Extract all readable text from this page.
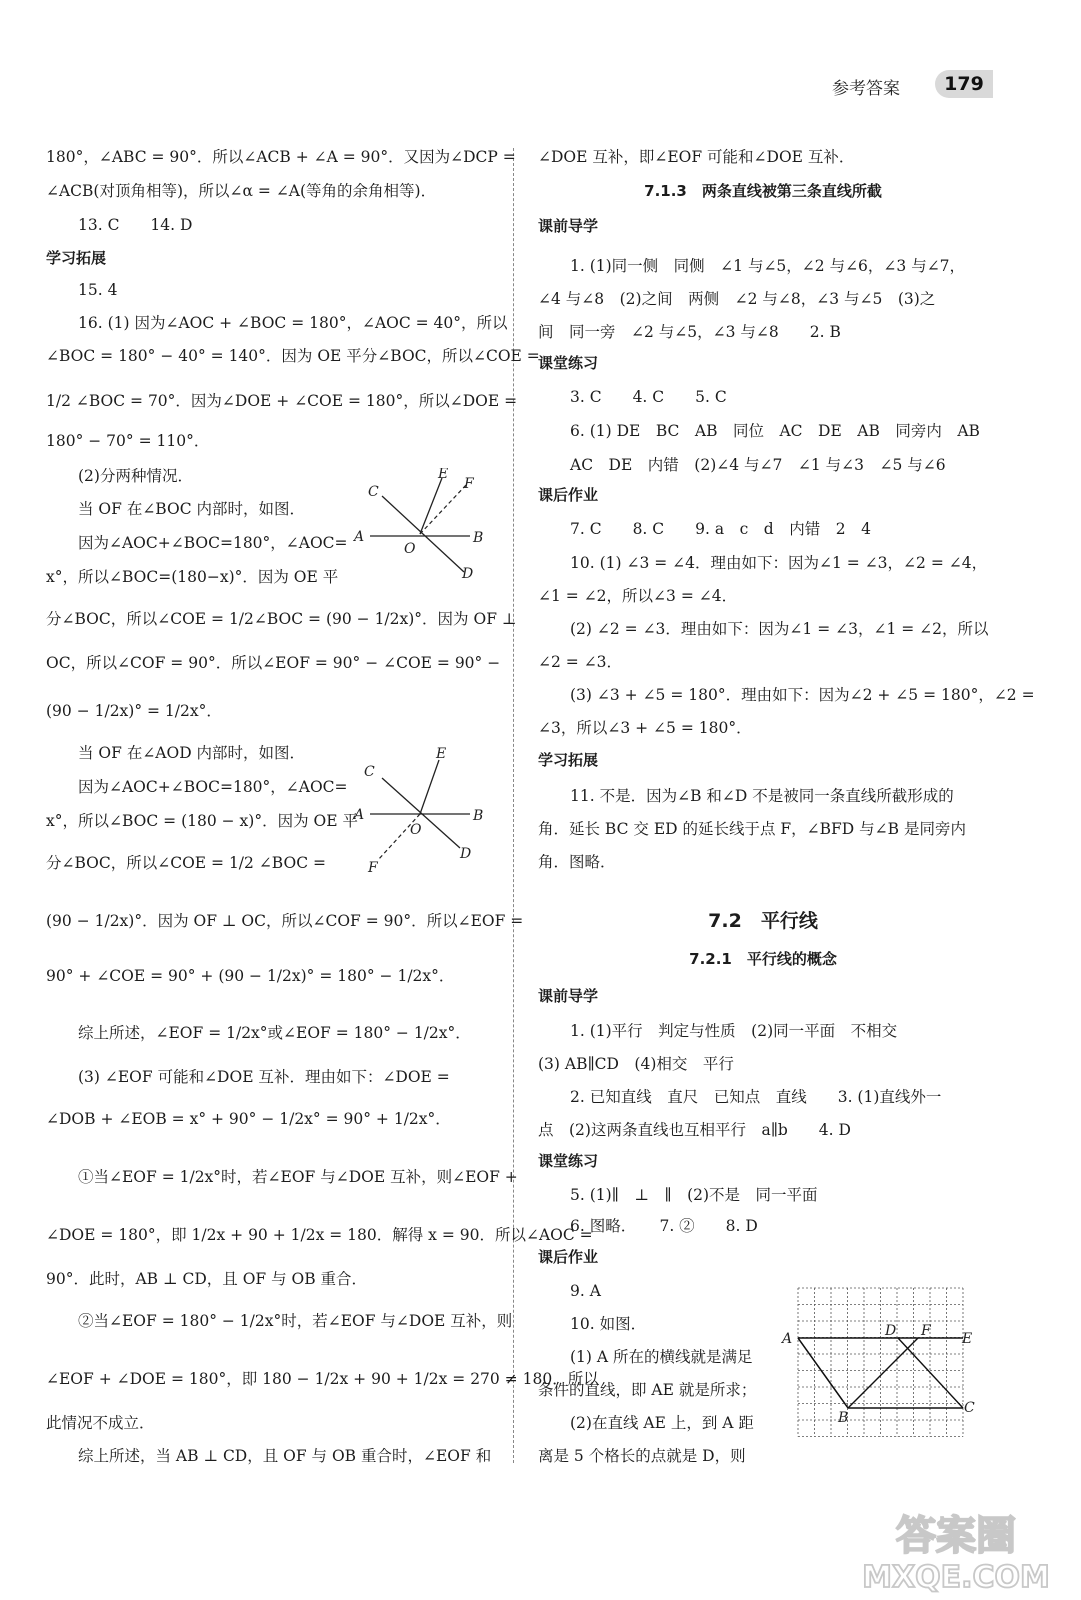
参考答案	179
180°，∠ABC = 90°．所以∠ACB + ∠A = 90°．又因为∠DCP =
∠ACB(对顶角相等)，所以∠α = ∠A(等角的余角相等)．
13. C　　14. D
学习拓展
15. 4
16. (1) 因为∠AOC + ∠BOC = 180°，∠AOC = 40°，所以
∠BOC = 180° − 40° = 140°．因为 OE 平分∠BOC，所以∠COE =
1/2 ∠BOC = 70°．因为∠DOE + ∠COE = 180°，所以∠DOE =
180° − 70° = 110°．
(2)分两种情况．
当 OF 在∠BOC 内部时，如图．
因为∠AOC+∠BOC=180°，∠AOC=
x°，所以∠BOC=(180−x)°．因为 OE 平
分∠BOC，所以∠COE = 1/2∠BOC = (90 − 1/2x)°．因为 OF ⊥
OC，所以∠COF = 90°．所以∠EOF = 90° − ∠COE = 90° −
(90 − 1/2x)° = 1/2x°．
当 OF 在∠AOD 内部时，如图．
因为∠AOC+∠BOC=180°，∠AOC=
x°，所以∠BOC = (180 − x)°．因为 OE 平
分∠BOC，所以∠COE = 1/2 ∠BOC =
(90 − 1/2x)°．因为 OF ⊥ OC，所以∠COF = 90°．所以∠EOF =
90° + ∠COE = 90° + (90 − 1/2x)° = 180° − 1/2x°．
综上所述，∠EOF = 1/2x°或∠EOF = 180° − 1/2x°．
(3) ∠EOF 可能和∠DOE 互补．理由如下：∠DOE =
∠DOB + ∠EOB = x° + 90° − 1/2x° = 90° + 1/2x°．
①当∠EOF = 1/2x°时，若∠EOF 与∠DOE 互补，则∠EOF +
∠DOE = 180°，即 1/2x + 90 + 1/2x = 180．解得 x = 90．所以∠AOC =
90°．此时，AB ⊥ CD，且 OF 与 OB 重合．
②当∠EOF = 180° − 1/2x°时，若∠EOF 与∠DOE 互补，则
∠EOF + ∠DOE = 180°，即 180 − 1/2x + 90 + 1/2x = 270 ≠ 180．所以
此情况不成立．
综上所述，当 AB ⊥ CD，且 OF 与 OB 重合时，∠EOF 和
∠DOE 互补，即∠EOF 可能和∠DOE 互补．
7.1.3　两条直线被第三条直线所截
课前导学
1. (1)同一侧　同侧　∠1 与∠5，∠2 与∠6，∠3 与∠7，
∠4 与∠8　(2)之间　两侧　∠2 与∠8，∠3 与∠5　(3)之
间　同一旁　∠2 与∠5，∠3 与∠8　　2. B
课堂练习
3. C　　4. C　　5. C
6. (1) DE　BC　AB　同位　AC　DE　AB　同旁内　AB
AC　DE　内错　(2)∠4 与∠7　∠1 与∠3　∠5 与∠6
课后作业
7. C　　8. C　　9. a　c　d　内错　2　4
10. (1) ∠3 = ∠4．理由如下：因为∠1 = ∠3，∠2 = ∠4，
∠1 = ∠2，所以∠3 = ∠4．
(2) ∠2 = ∠3．理由如下：因为∠1 = ∠3，∠1 = ∠2，所以
∠2 = ∠3．
(3) ∠3 + ∠5 = 180°．理由如下：因为∠2 + ∠5 = 180°，∠2 =
∠3，所以∠3 + ∠5 = 180°．
学习拓展
11. 不是．因为∠B 和∠D 不是被同一条直线所截形成的
角．延长 BC 交 ED 的延长线于点 F，∠BFD 与∠B 是同旁内
角．图略．
7.2　平行线
7.2.1　平行线的概念
课前导学
1. (1)平行　判定与性质　(2)同一平面　不相交
(3) AB∥CD　(4)相交　平行
2. 已知直线　直尺　已知点　直线　　3. (1)直线外一
点　(2)这两条直线也互相平行　a∥b　　4. D
课堂练习
5. (1)∥　⊥　∥　(2)不是　同一平面
6. 图略．　　7. ②　　8. D
课后作业
9. A
10. 如图．
(1) A 所在的横线就是满足
条件的直线，即 AE 就是所求；
(2)在直线 AE 上，到 A 距
离是 5 个格长的点就是 D，则
A	B
C
D
E
F
O
A	B
C
D
E
F
O
A
B
C
D F E
答案圈
MXQE.COM
